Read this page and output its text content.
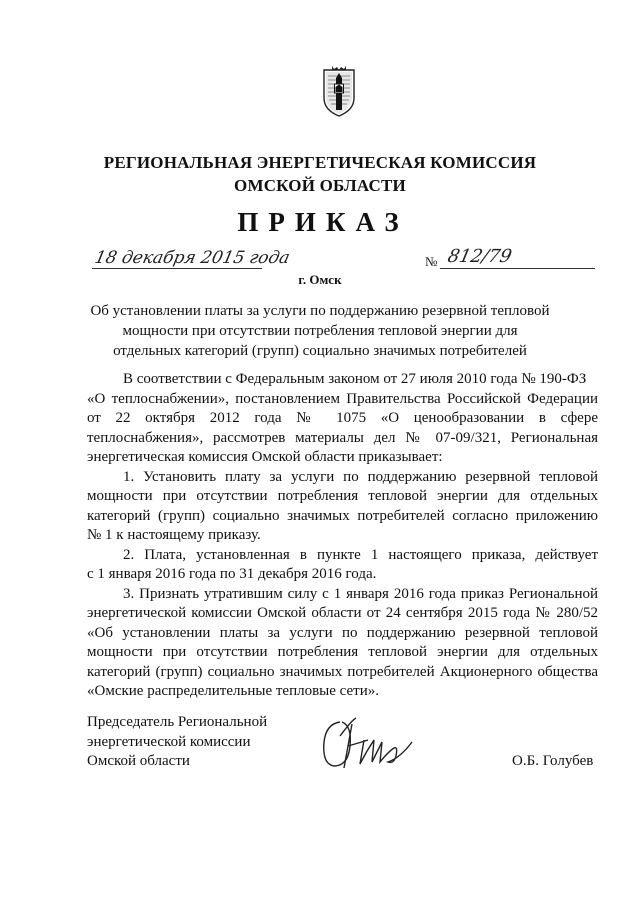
РЕГИОНАЛЬНАЯ ЭНЕРГЕТИЧЕСКАЯ КОМИССИЯ
ОМСКОЙ ОБЛАСТИ
ПРИКАЗ
18 декабря 2015 года	№ 812/79
г. Омск
Об установлении платы за услуги по поддержанию резервной тепловой
мощности при отсутствии потребления тепловой энергии для
отдельных категорий (групп) социально значимых потребителей
В соответствии с Федеральным законом от 27 июля 2010 года № 190-ФЗ
«О теплоснабжении», постановлением Правительства Российской Федерации
от 22 октября 2012 года № 1075 «О ценообразовании в сфере
теплоснабжения», рассмотрев материалы дел № 07-09/321, Региональная
энергетическая комиссия Омской области приказывает:
1. Установить плату за услуги по поддержанию резервной тепловой
мощности при отсутствии потребления тепловой энергии для отдельных
категорий (групп) социально значимых потребителей согласно приложению
№ 1 к настоящему приказу.
2. Плата, установленная в пункте 1 настоящего приказа, действует
с 1 января 2016 года по 31 декабря 2016 года.
3. Признать утратившим силу с 1 января 2016 года приказ Региональной
энергетической комиссии Омской области от 24 сентября 2015 года № 280/52
«Об установлении платы за услуги по поддержанию резервной тепловой
мощности при отсутствии потребления тепловой энергии для отдельных
категорий (групп) социально значимых потребителей Акционерного общества
«Омские распределительные тепловые сети».
Председатель Региональной
энергетической комиссии
Омской области	О.Б. Голубев
